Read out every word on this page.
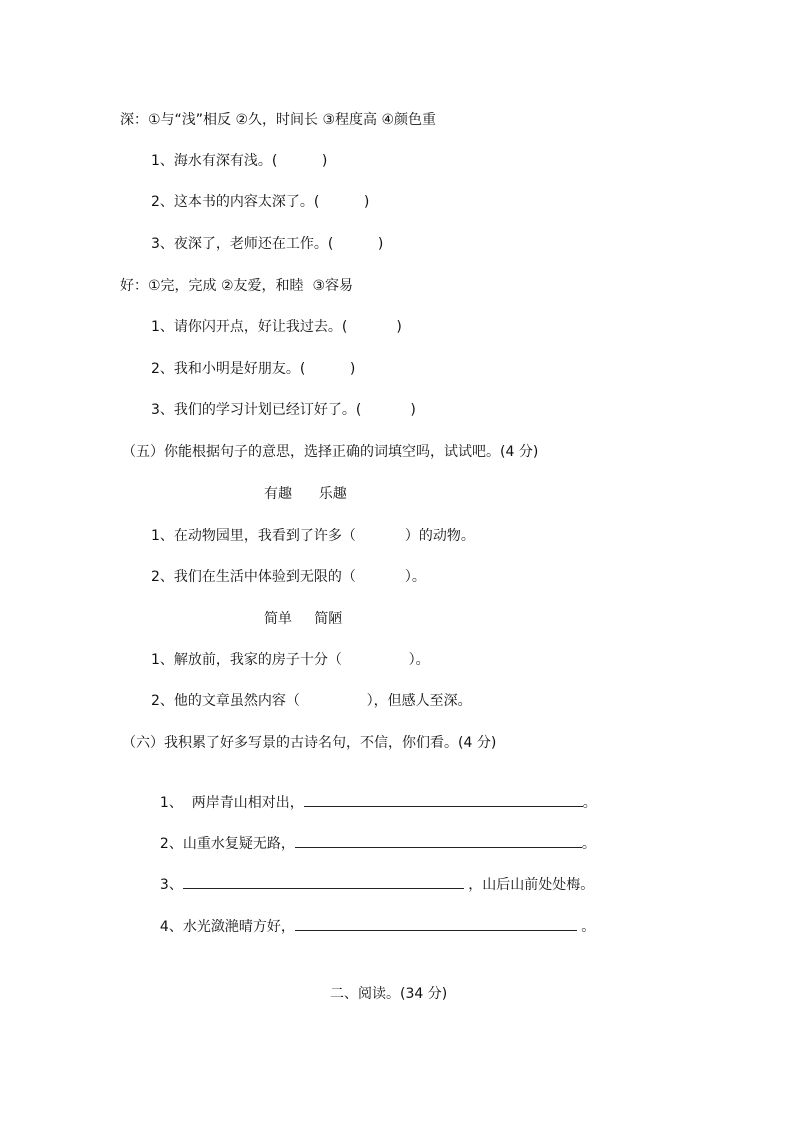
深：①与“浅”相反 ②久，时间长 ③程度高 ④颜色重
1、海水有深有浅。(          )
2、这本书的内容太深了。(          )
3、夜深了，老师还在工作。(          )
好：①完，完成 ②友爱，和睦  ③容易
1、请你闪开点，好让我过去。(           )
2、我和小明是好朋友。(          )
3、我们的学习计划已经订好了。(           )
（五）你能根据句子的意思，选择正确的词填空吗，试试吧。(4 分)
有趣      乐趣
1、在动物园里，我看到了许多（           ）的动物。
2、我们在生活中体验到无限的（           ）。
简单     简陋
1、解放前，我家的房子十分（               ）。
2、他的文章虽然内容（               ），但感人至深。
（六）我积累了好多写景的古诗名句，不信，你们看。(4 分)

1、  两岸青山相对出，	。

2、山重水复疑无路，	。

3、	，山后山前处处梅。

4、水光潋滟晴方好，	。

二、阅读。(34 分)
